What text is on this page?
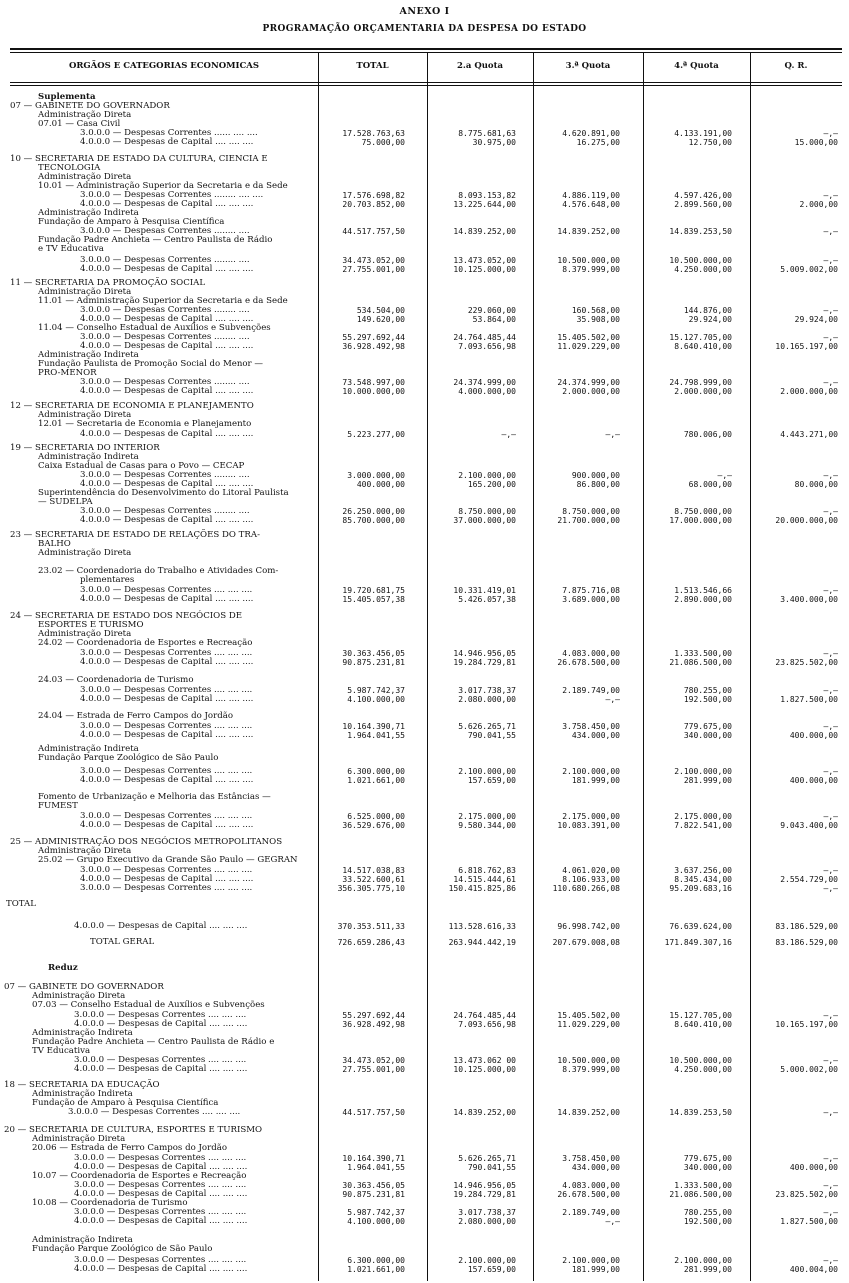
ANEXO I
PROGRAMAÇÃO ORÇAMENTARIA DA DESPESA DO ESTADO
ORGÃOS E CATEGORIAS ECONOMICAS	TOTAL	2.a Quota	3.ª Quota	4.ª Quota	Q. R.
Suplementa
07 — GABINETE DO GOVERNADOR
Administração Direta
07.01 — Casa Civil
3.0.0.0 — Despesas Correntes ...... .... ....	17.528.763,63	8.775.681,63	4.620.891,00	4.133.191,00	—,—
4.0.0.0 — Despesas de Capital .... .... ....	75.000,00	30.975,00	16.275,00	12.750,00	15.000,00
10 — SECRETARIA DE ESTADO DA CULTURA, CIENCIA E
TECNOLOGIA
Administração Direta
10.01 — Administração Superior da Secretaria e da Sede
3.0.0.0 — Despesas Correntes ........ .... ....	17.576.698,82	8.093.153,82	4.886.119,00	4.597.426,00	—,—
4.0.0.0 — Despesas de Capital .... .... ....	20.703.852,00	13.225.644,00	4.576.648,00	2.899.560,00	2.000,00
Administração Indireta
Fundação de Amparo à Pesquisa Científica
3.0.0.0 — Despesas Correntes ........ ....	44.517.757,50	14.839.252,00	14.839.252,00	14.839.253,50	—,—
Fundação Padre Anchieta — Centro Paulista de Rádio
e TV Educativa
3.0.0.0 — Despesas Correntes ........ ....	34.473.052,00	13.473.052,00	10.500.000,00	10.500.000,00	—,—
4.0.0.0 — Despesas de Capital .... .... ....	27.755.001,00	10.125.000,00	8.379.999,00	4.250.000,00	5.009.002,00
11 — SECRETARIA DA PROMOÇÃO SOCIAL
Administração Direta
11.01 — Administração Superior da Secretaria e da Sede
3.0.0.0 — Despesas Correntes ........ ....	534.504,00	229.060,00	160.568,00	144.876,00	—,—
4.0.0.0 — Despesas de Capital .... .... ....	149.620,00	53.864,00	35.908,00	29.924,00	29.924,00
11.04 — Conselho Estadual de Auxílios e Subvenções
3.0.0.0 — Despesas Correntes ........ ....	55.297.692,44	24.764.485,44	15.405.502,00	15.127.705,00	—,—
4.0.0.0 — Despesas de Capital .... .... ....	36.928.492,98	7.093.656,98	11.029.229,00	8.640.410,00	10.165.197,00
Administração Indireta
Fundação Paulista de Promoção Social do Menor —
PRO-MENOR
3.0.0.0 — Despesas Correntes ........ ....	73.548.997,00	24.374.999,00	24.374.999,00	24.798.999,00	—,—
4.0.0.0 — Despesas de Capital .... .... ....	10.000.000,00	4.000.000,00	2.000.000,00	2.000.000,00	2.000.000,00
12 — SECRETARIA DE ECONOMIA E PLANEJAMENTO
Administração Direta
12.01 — Secretaria de Economia e Planejamento
4.0.0.0 — Despesas de Capital .... .... ....	5.223.277,00	—,—	—,—	780.006,00	4.443.271,00
19 — SECRETARIA DO INTERIOR
Administração Indireta
Caixa Estadual de Casas para o Povo — CECAP
3.0.0.0 — Despesas Correntes ........ ....	3.000.000,00	2.100.000,00	900.000,00	—,—	—,—
4.0.0.0 — Despesas de Capital .... .... ....	400.000,00	165.200,00	86.800,00	68.000,00	80.000,00
Superintendência do Desenvolvimento do Litoral Paulista
— SUDELPA
3.0.0.0 — Despesas Correntes ........ ....	26.250.000,00	8.750.000,00	8.750.000,00	8.750.000,00	—,—
4.0.0.0 — Despesas de Capital .... .... ....	85.700.000,00	37.000.000,00	21.700.000,00	17.000.000,00	20.000.000,00
23 — SECRETARIA DE ESTADO DE RELAÇÕES DO TRA-
BALHO
Administração Direta
23.02 — Coordenadoria do Trabalho e Atividades Com-
plementares
3.0.0.0 — Despesas Correntes .... .... ....	19.720.681,75	10.331.419,01	7.875.716,08	1.513.546,66	—,—
4.0.0.0 — Despesas de Capital .... .... ....	15.405.057,38	5.426.057,38	3.689.000,00	2.890.000,00	3.400.000,00
24 — SECRETARIA DE ESTADO DOS NEGÓCIOS DE
ESPORTES E TURISMO
Administração Direta
24.02 — Coordenadoria de Esportes e Recreação
3.0.0.0 — Despesas Correntes .... .... ....	30.363.456,05	14.946.956,05	4.083.000,00	1.333.500,00	—,—
4.0.0.0 — Despesas de Capital .... .... ....	90.875.231,81	19.284.729,81	26.678.500,00	21.086.500,00	23.825.502,00
24.03 — Coordenadoria de Turismo
3.0.0.0 — Despesas Correntes .... .... ....	5.987.742,37	3.017.738,37	2.189.749,00	780.255,00	—,—
4.0.0.0 — Despesas de Capital .... .... ....	4.100.000,00	2.080.000,00	—,—	192.500,00	1.827.500,00
24.04 — Estrada de Ferro Campos do Jordão
3.0.0.0 — Despesas Correntes .... .... ....	10.164.390,71	5.626.265,71	3.758.450,00	779.675,00	—,—
4.0.0.0 — Despesas de Capital .... .... ....	1.964.041,55	790.041,55	434.000,00	340.000,00	400.000,00
Administração Indireta
Fundação Parque Zoológico de São Paulo
3.0.0.0 — Despesas Correntes .... .... ....	6.300.000,00	2.100.000,00	2.100.000,00	2.100.000,00	—,—
4.0.0.0 — Despesas de Capital .... .... ....	1.021.661,00	157.659,00	181.999,00	281.999,00	400.000,00
Fomento de Urbanização e Melhoria das Estâncias —
FUMEST
3.0.0.0 — Despesas Correntes .... .... ....	6.525.000,00	2.175.000,00	2.175.000,00	2.175.000,00	—,—
4.0.0.0 — Despesas de Capital .... .... ....	36.529.676,00	9.580.344,00	10.083.391,00	7.822.541,00	9.043.400,00
25 — ADMINISTRAÇÃO DOS NEGÓCIOS METROPOLITANOS
Administração Direta
25.02 — Grupo Executivo da Grande São Paulo — GEGRAN
3.0.0.0 — Despesas Correntes .... .... ....	14.517.038,83	6.818.762,83	4.061.020,00	3.637.256,00	—,—
4.0.0.0 — Despesas de Capital .... .... ....	33.522.600,61	14.515.444,61	8.106.933,00	8.345.434,00	2.554.729,00
3.0.0.0 — Despesas Correntes .... .... ....	356.305.775,10	150.415.825,86	110.680.266,08	95.209.683,16	—,—
TOTAL
4.0.0.0 — Despesas de Capital .... .... ....	370.353.511,33	113.528.616,33	96.998.742,00	76.639.624,00	83.186.529,00
TOTAL GERAL	726.659.286,43	263.944.442,19	207.679.008,08	171.849.307,16	83.186.529,00
Reduz
07 — GABINETE DO GOVERNADOR
Administração Direta
07.03 — Conselho Estadual de Auxílios e Subvenções
3.0.0.0 — Despesas Correntes .... .... ....	55.297.692,44	24.764.485,44	15.405.502,00	15.127.705,00	—,—
4.0.0.0 — Despesas de Capital .... .... ....	36.928.492,98	7.093.656,98	11.029.229,00	8.640.410,00	10.165.197,00
Administração Indireta
Fundação Padre Anchieta — Centro Paulista de Rádio e
TV Educativa
3.0.0.0 — Despesas Correntes .... .... ....	34.473.052,00	13.473.062 00	10.500.000,00	10.500.000,00	—,—
4.0.0.0 — Despesas de Capital .... .... ....	27.755.001,00	10.125.000,00	8.379.999,00	4.250.000,00	5.000.002,00
18 — SECRETARIA DA EDUCAÇÃO
Administração Indireta
Fundação de Amparo à Pesquisa Científica
3.0.0.0 — Despesas Correntes .... .... ....	44.517.757,50	14.839.252,00	14.839.252,00	14.839.253,50	—,—
20 — SECRETARIA DE CULTURA, ESPORTES E TURISMO
Administração Direta
20.06 — Estrada de Ferro Campos do Jordão
3.0.0.0 — Despesas Correntes .... .... ....	10.164.390,71	5.626.265,71	3.758.450,00	779.675,00	—,—
4.0.0.0 — Despesas de Capital .... .... ....	1.964.041,55	790.041,55	434.000,00	340.000,00	400.000,00
10.07 — Coordenadoria de Esportes e Recreação
3.0.0.0 — Despesas Correntes .... .... ....	30.363.456,05	14.946.956,05	4.083.000,00	1.333.500,00	—,—
4.0.0.0 — Despesas de Capital .... .... ....	90.875.231,81	19.284.729,81	26.678.500,00	21.086.500,00	23.825.502,00
10.08 — Coordenadoria de Turismo
3.0.0.0 — Despesas Correntes .... .... ....	5.987.742,37	3.017.738,37	2.189.749,00	780.255,00	—,—
4.0.0.0 — Despesas de Capital .... .... ....	4.100.000,00	2.080.000,00	—,—	192.500,00	1.827.500,00
Administração Indireta
Fundação Parque Zoológico de São Paulo
3.0.0.0 — Despesas Correntes .... .... ....	6.300.000,00	2.100.000,00	2.100.000,00	2.100.000,00	—,—
4.0.0.0 — Despesas de Capital .... .... ....	1.021.661,00	157.659,00	181.999,00	281.999,00	400.004,00
